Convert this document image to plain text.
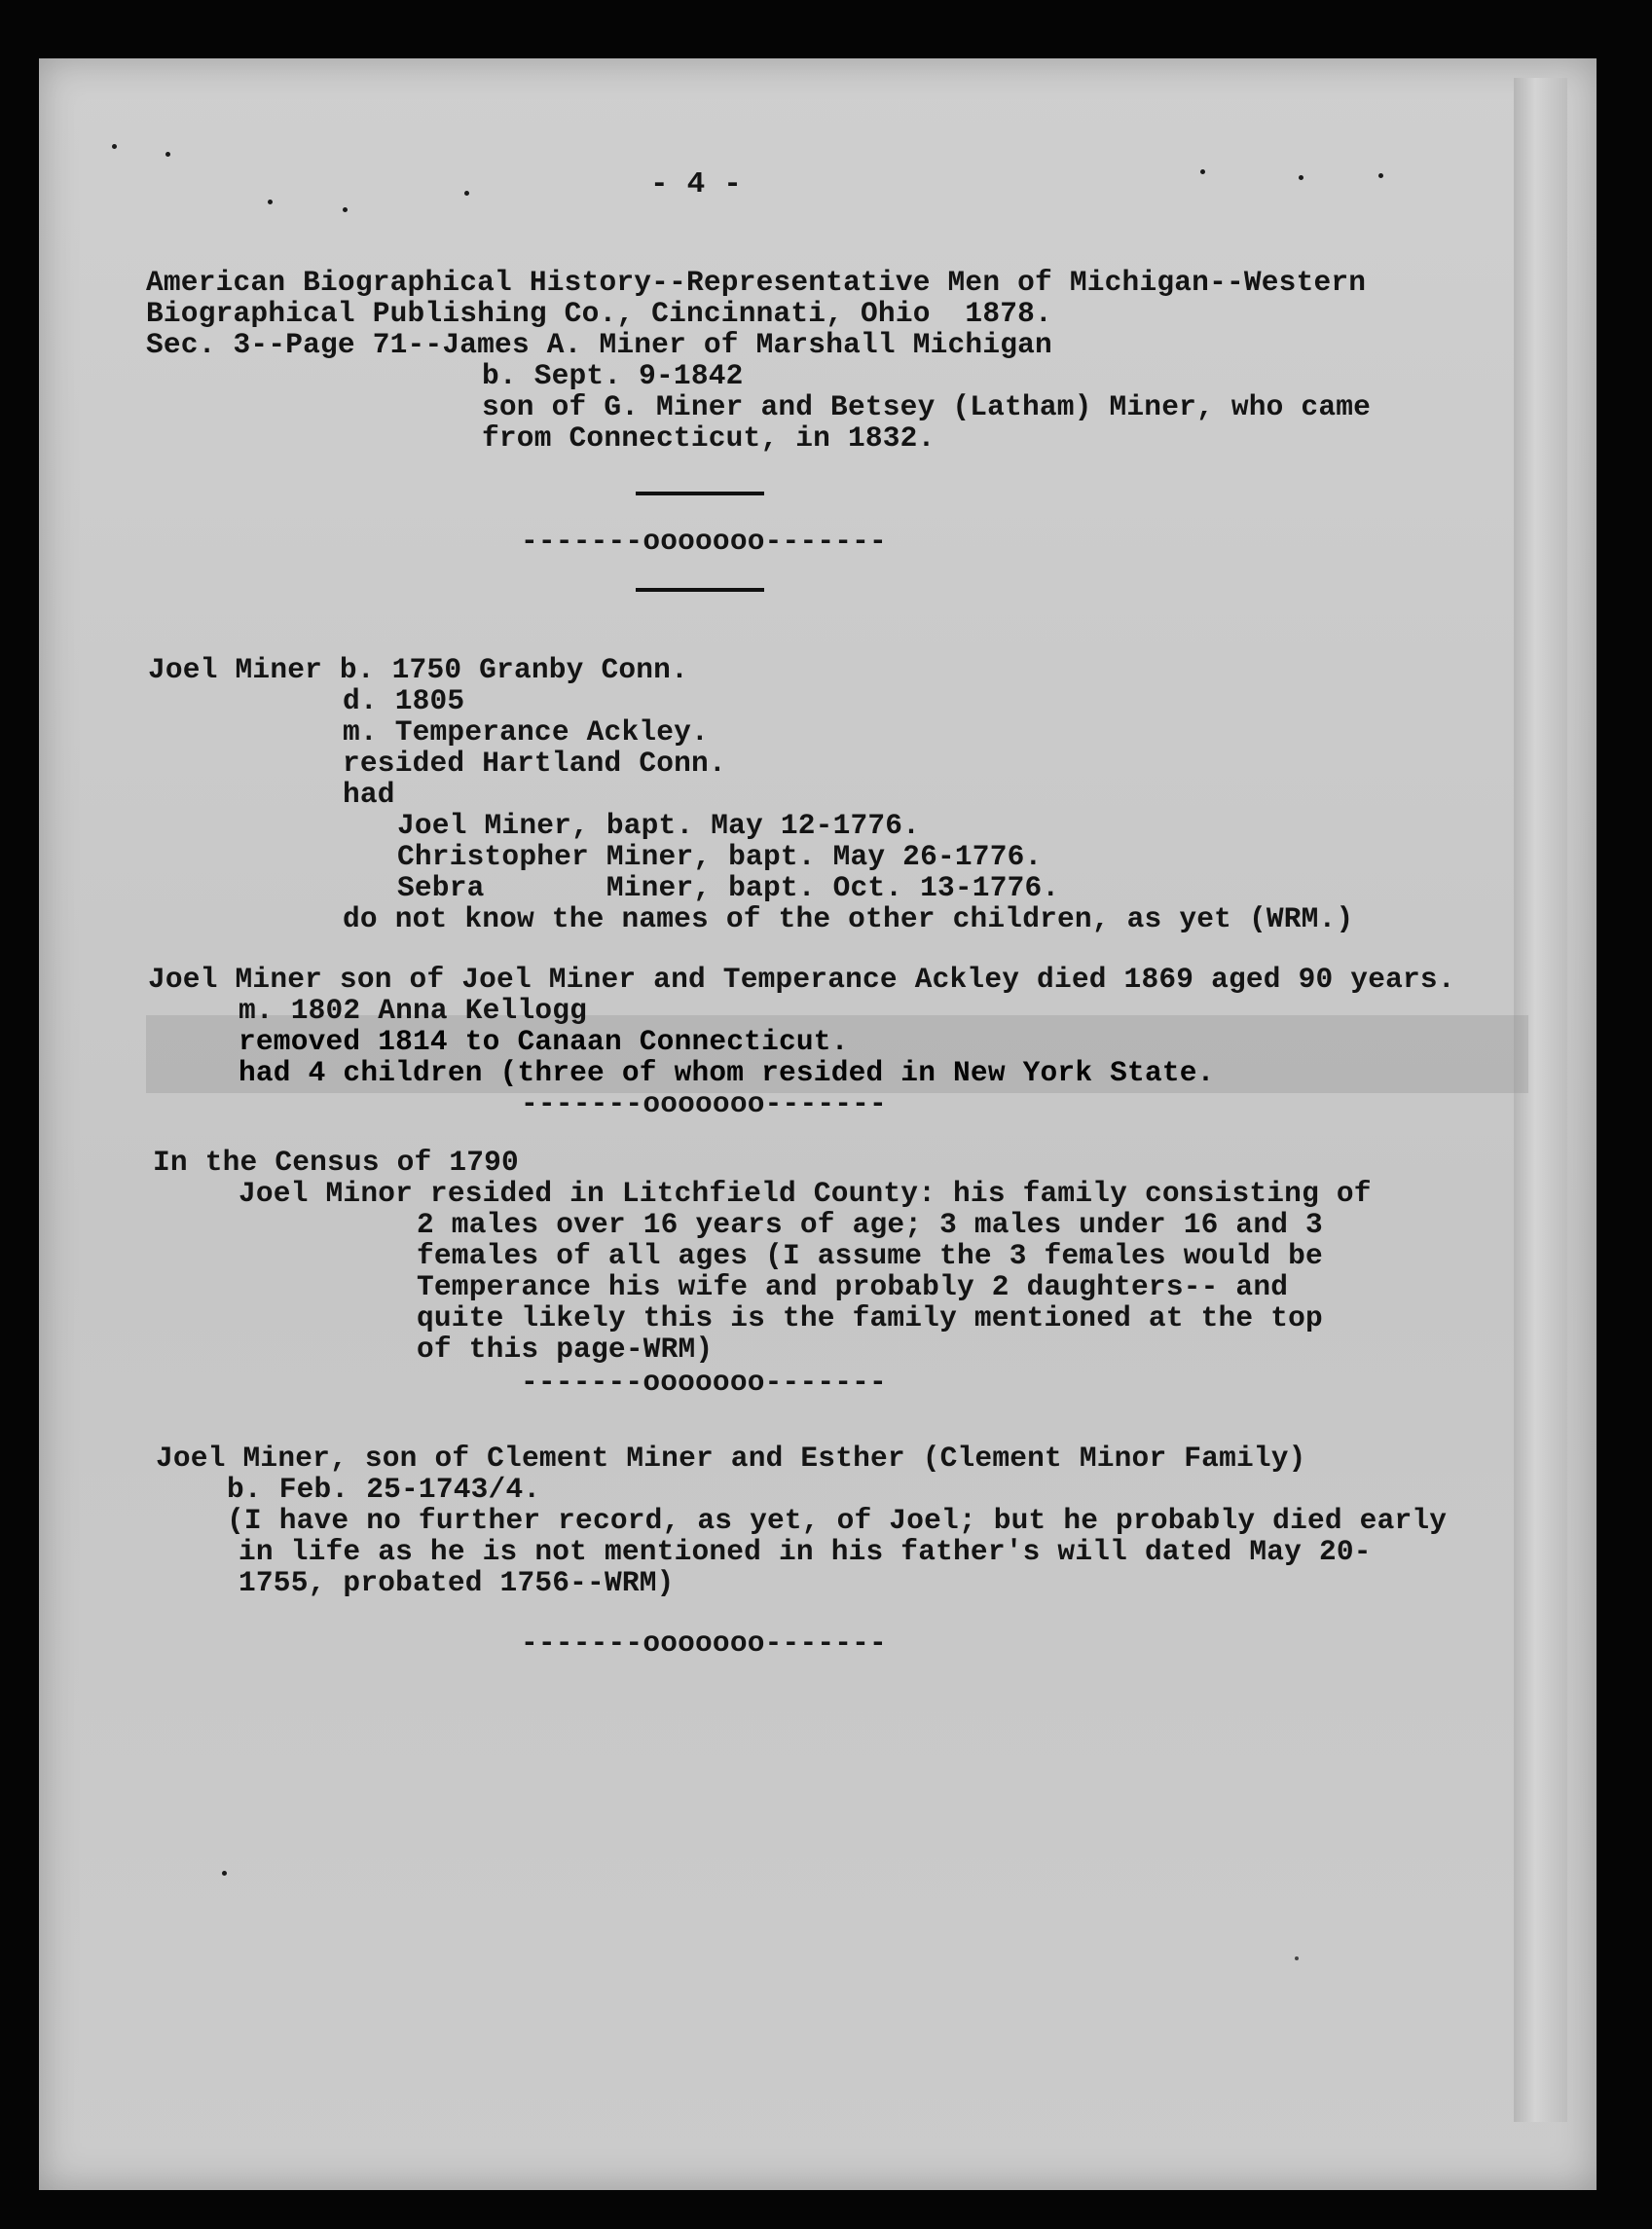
- 4 -
American Biographical History--Representative Men of Michigan--Western
Biographical Publishing Co., Cincinnati, Ohio  1878.
Sec. 3--Page 71--James A. Miner of Marshall Michigan
b. Sept. 9-1842
son of G. Miner and Betsey (Latham) Miner, who came
from Connecticut, in 1832.
-------ooooooo-------
Joel Miner b. 1750 Granby Conn.
d. 1805
m. Temperance Ackley.
resided Hartland Conn.
had
Joel Miner, bapt. May 12-1776.
Christopher Miner, bapt. May 26-1776.
Sebra       Miner, bapt. Oct. 13-1776.
do not know the names of the other children, as yet (WRM.)
Joel Miner son of Joel Miner and Temperance Ackley died 1869 aged 90 years.
m. 1802 Anna Kellogg
removed 1814 to Canaan Connecticut.
had 4 children (three of whom resided in New York State.
-------ooooooo-------
In the Census of 1790
Joel Minor resided in Litchfield County: his family consisting of
2 males over 16 years of age; 3 males under 16 and 3
females of all ages (I assume the 3 females would be
Temperance his wife and probably 2 daughters-- and
quite likely this is the family mentioned at the top
of this page-WRM)
-------ooooooo-------
Joel Miner, son of Clement Miner and Esther (Clement Minor Family)
b. Feb. 25-1743/4.
(I have no further record, as yet, of Joel; but he probably died early
in life as he is not mentioned in his father's will dated May 20-
1755, probated 1756--WRM)
-------ooooooo-------
